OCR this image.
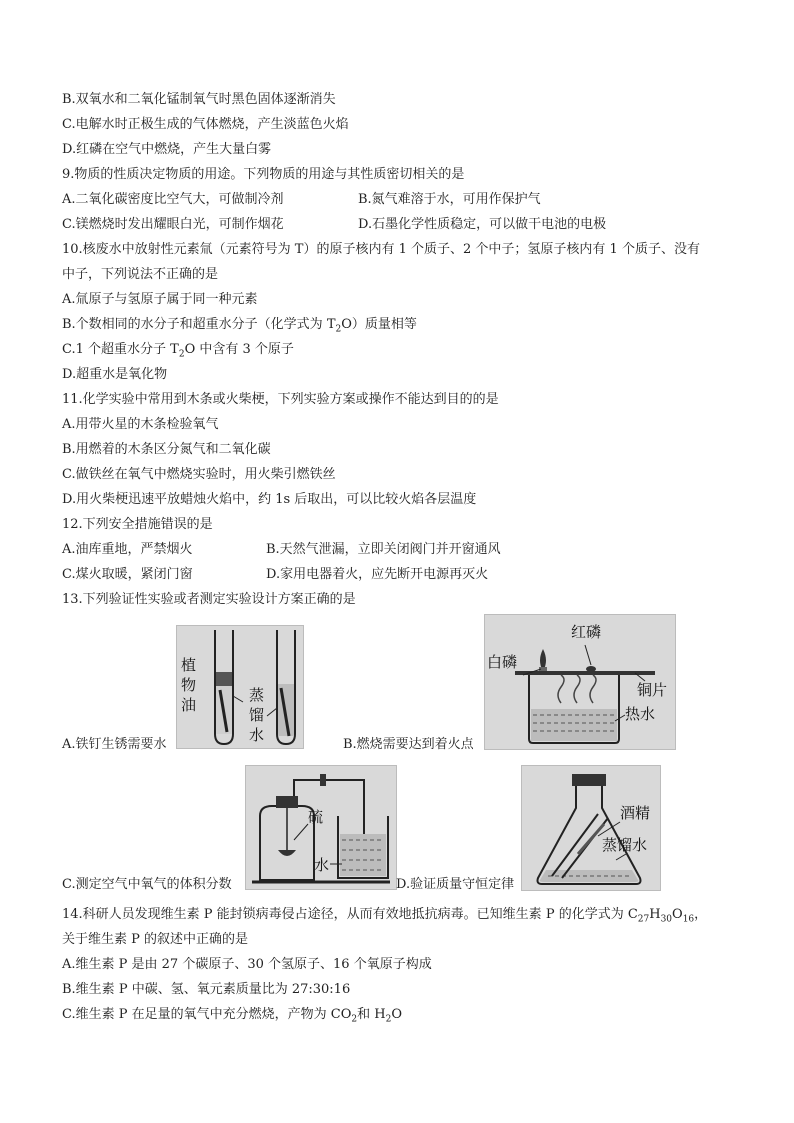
B.双氧水和二氧化锰制氧气时黑色固体逐渐消失
C.电解水时正极生成的气体燃烧，产生淡蓝色火焰
D.红磷在空气中燃烧，产生大量白雾
9.物质的性质决定物质的用途。下列物质的用途与其性质密切相关的是
A.二氧化碳密度比空气大，可做制冷剂	B.氮气难溶于水，可用作保护气
C.镁燃烧时发出耀眼白光，可制作烟花	D.石墨化学性质稳定，可以做干电池的电极
10.核废水中放射性元素氚（元素符号为 T）的原子核内有 1 个质子、2 个中子；氢原子核内有 1 个质子、没有
中子，下列说法不正确的是
A.氚原子与氢原子属于同一种元素
B.个数相同的水分子和超重水分子（化学式为 $T_2O$）质量相等
C.1 个超重水分子 $T_2O$ 中含有 3 个原子
D.超重水是氧化物
11.化学实验中常用到木条或火柴梗，下列实验方案或操作不能达到目的的是
A.用带火星的木条检验氧气
B.用燃着的木条区分氮气和二氧化碳
C.做铁丝在氧气中燃烧实验时，用火柴引燃铁丝
D.用火柴梗迅速平放蜡烛火焰中，约 1s 后取出，可以比较火焰各层温度
12.下列安全措施错误的是
A.油库重地，严禁烟火	B.天然气泄漏，立即关闭阀门并开窗通风
C.煤火取暖，紧闭门窗	D.家用电器着火，应先断开电源再灭火
13.下列验证性实验或者测定实验设计方案正确的是
植
物
油
蒸
馏
水
A.铁钉生锈需要水
红磷
白磷
铜片
热水
B.燃烧需要达到着火点
硫
水
C.测定空气中氧气的体积分数
酒精
蒸馏水
D.验证质量守恒定律
14.科研人员发现维生素 P 能封锁病毒侵占途径，从而有效地抵抗病毒。已知维生素 P 的化学式为 $C_{27}H_{30}O_{16}$，
关于维生素 P 的叙述中正确的是
A.维生素 P 是由 27 个碳原子、30 个氢原子、16 个氧原子构成
B.维生素 P 中碳、氢、氧元素质量比为 27:30:16
C.维生素 P 在足量的氧气中充分燃烧，产物为 $CO_2$和 $H_2O$
